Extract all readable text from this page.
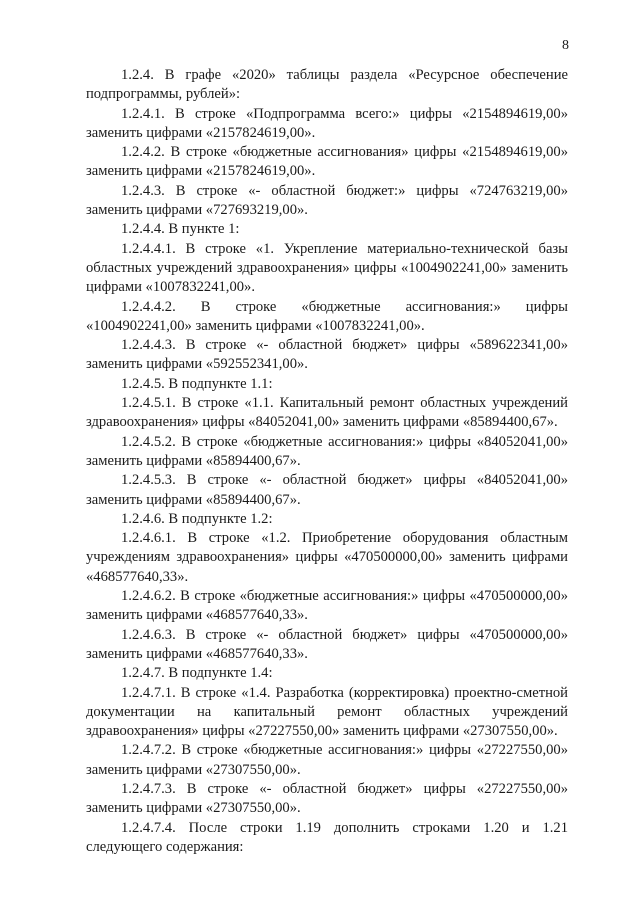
8

1.2.4. В графе «2020» таблицы раздела «Ресурсное обеспечение подпрограммы, рублей»:

1.2.4.1. В строке «Подпрограмма всего:» цифры «2154894619,00» заменить цифрами «2157824619,00».

1.2.4.2. В строке «бюджетные ассигнования» цифры «2154894619,00» заменить цифрами «2157824619,00».

1.2.4.3. В строке «- областной бюджет:» цифры «724763219,00» заменить цифрами «727693219,00».

1.2.4.4. В пункте 1:

1.2.4.4.1. В строке «1. Укрепление материально-технической базы областных учреждений здравоохранения» цифры «1004902241,00» заменить цифрами «1007832241,00».

1.2.4.4.2. В строке «бюджетные ассигнования:» цифры «1004902241,00» заменить цифрами «1007832241,00».

1.2.4.4.3. В строке «- областной бюджет» цифры «589622341,00» заменить цифрами «592552341,00».

1.2.4.5. В подпункте 1.1:

1.2.4.5.1. В строке «1.1. Капитальный ремонт областных учреждений здравоохранения» цифры «84052041,00» заменить цифрами «85894400,67».

1.2.4.5.2. В строке «бюджетные ассигнования:» цифры «84052041,00» заменить цифрами «85894400,67».

1.2.4.5.3. В строке «- областной бюджет» цифры «84052041,00» заменить цифрами «85894400,67».

1.2.4.6. В подпункте 1.2:

1.2.4.6.1. В строке «1.2. Приобретение оборудования областным учреждениям здравоохранения» цифры «470500000,00» заменить цифрами «468577640,33».

1.2.4.6.2. В строке «бюджетные ассигнования:» цифры «470500000,00» заменить цифрами «468577640,33».

1.2.4.6.3. В строке «- областной бюджет» цифры «470500000,00» заменить цифрами «468577640,33».

1.2.4.7. В подпункте 1.4:

1.2.4.7.1. В строке «1.4. Разработка (корректировка) проектно-сметной документации на капитальный ремонт областных учреждений здравоохранения» цифры «27227550,00» заменить цифрами «27307550,00».

1.2.4.7.2. В строке «бюджетные ассигнования:» цифры «27227550,00» заменить цифрами «27307550,00».

1.2.4.7.3. В строке «- областной бюджет» цифры «27227550,00» заменить цифрами «27307550,00».

1.2.4.7.4. После строки 1.19 дополнить строками 1.20 и 1.21 следующего содержания:
